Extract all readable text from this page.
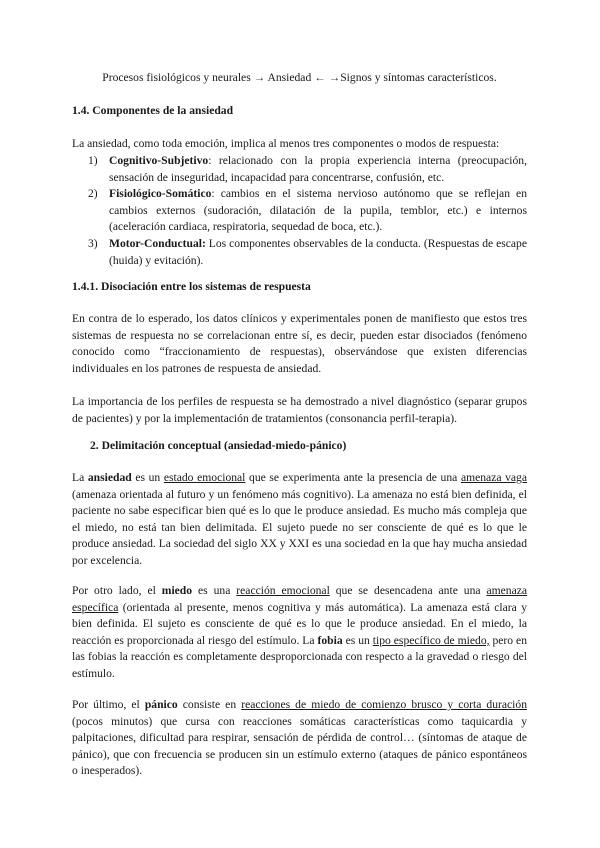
Procesos fisiológicos y neurales → Ansiedad ← →Signos y síntomas característicos.

1.4. Componentes de la ansiedad

La ansiedad, como toda emoción, implica al menos tres componentes o modos de respuesta:

1) Cognitivo-Subjetivo: relacionado con la propia experiencia interna (preocupación, sensación de inseguridad, incapacidad para concentrarse, confusión, etc.
2) Fisiológico-Somático: cambios en el sistema nervioso autónomo que se reflejan en cambios externos (sudoración, dilatación de la pupila, temblor, etc.) e internos (aceleración cardiaca, respiratoria, sequedad de boca, etc.).
3) Motor-Conductual: Los componentes observables de la conducta. (Respuestas de escape (huida) y evitación).

1.4.1. Disociación entre los sistemas de respuesta

En contra de lo esperado, los datos clínicos y experimentales ponen de manifiesto que estos tres sistemas de respuesta no se correlacionan entre sí, es decir, pueden estar disociados (fenómeno conocido como “fraccionamiento de respuestas), observándose que existen diferencias individuales en los patrones de respuesta de ansiedad.

La importancia de los perfiles de respuesta se ha demostrado a nivel diagnóstico (separar grupos de pacientes) y por la implementación de tratamientos (consonancia perfil-terapia).

2. Delimitación conceptual (ansiedad-miedo-pánico)

La ansiedad es un estado emocional que se experimenta ante la presencia de una amenaza vaga (amenaza orientada al futuro y un fenómeno más cognitivo). La amenaza no está bien definida, el paciente no sabe especificar bien qué es lo que le produce ansiedad. Es mucho más compleja que el miedo, no está tan bien delimitada. El sujeto puede no ser consciente de qué es lo que le produce ansiedad. La sociedad del siglo XX y XXI es una sociedad en la que hay mucha ansiedad por excelencia.

Por otro lado, el miedo es una reacción emocional que se desencadena ante una amenaza específica (orientada al presente, menos cognitiva y más automática). La amenaza está clara y bien definida. El sujeto es consciente de qué es lo que le produce ansiedad. En el miedo, la reacción es proporcionada al riesgo del estímulo. La fobia es un tipo específico de miedo, pero en las fobias la reacción es completamente desproporcionada con respecto a la gravedad o riesgo del estímulo.

Por último, el pánico consiste en reacciones de miedo de comienzo brusco y corta duración (pocos minutos) que cursa con reacciones somáticas características como taquicardia y palpitaciones, dificultad para respirar, sensación de pérdida de control… (síntomas de ataque de pánico), que con frecuencia se producen sin un estímulo externo (ataques de pánico espontáneos o inesperados).
